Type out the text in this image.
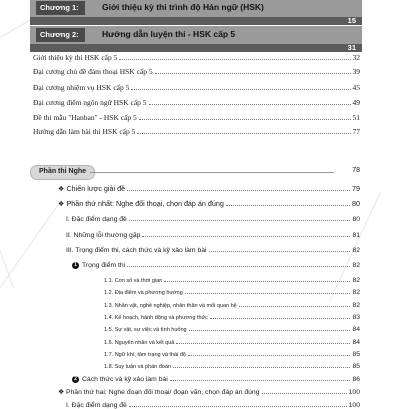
Chương 1:	Giới thiệu kỳ thi trình độ Hán ngữ (HSK)
15
Chương 2:	Hướng dẫn luyện thi - HSK cấp 5
31
Giới thiệu kỳ thi HSK cấp 5	32
Đại cương chủ đề đàm thoại HSK cấp 5	39
Đại cương nhiệm vụ HSK cấp 5	45
Đại cương điểm ngôn ngữ HSK cấp 5	49
Đề thi mẫu "Hanban" - HSK cấp 5	51
Hướng dẫn làm bài thi HSK cấp 5	77
Phần thi Nghe	78
❖ Chiến lược giải đề	79
❖ Phần thứ nhất: Nghe đối thoại, chọn đáp án đúng	80
I. Đặc điểm dạng đề	80
II. Những lỗi thường gặp	81
III. Trọng điểm thi, cách thức và kỹ xảo làm bài	82
1 Trọng điểm thi	82
1.1. Con số và thời gian	82
1.2. Địa điểm và phương hướng	82
1.3. Nhân vật, nghề nghiệp, nhân thân và mối quan hệ	82
1.4. Kế hoạch, hành động và phương thức	83
1.5. Sự vật, sự việc và tình huống	84
1.6. Nguyên nhân và kết quả	84
1.7. Ngữ khí, tâm trạng và thái độ	85
1.8. Suy luận và phán đoán	85
2 Cách thức và kỹ xảo làm bài	86
❖ Phần thứ hai: Nghe đoạn đối thoại/ đoạn văn, chọn đáp án đúng	100
I. Đặc điểm dạng đề	100
